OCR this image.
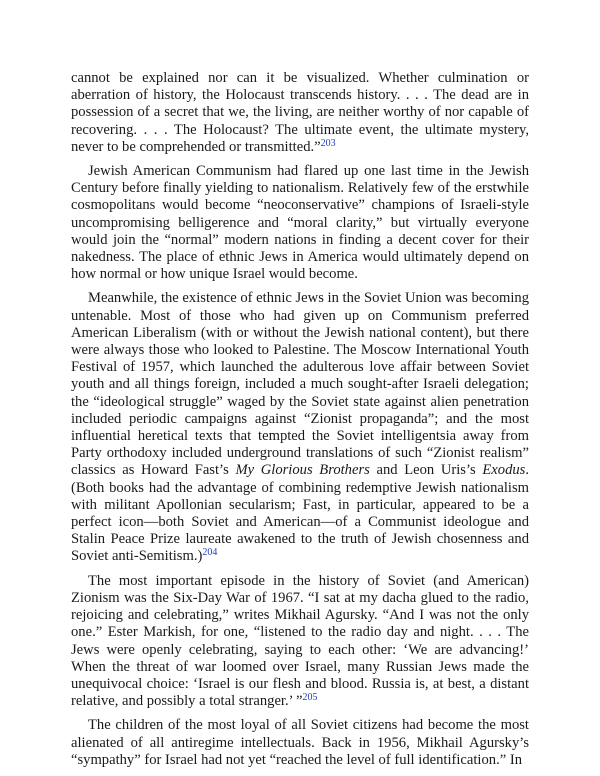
cannot be explained nor can it be visualized. Whether culmination or aberration of history, the Holocaust transcends history. . . . The dead are in possession of a secret that we, the living, are neither worthy of nor capable of recovering. . . . The Holocaust? The ultimate event, the ultimate mystery, never to be comprehended or transmitted.”$^{203}$

Jewish American Communism had flared up one last time in the Jewish Century before finally yielding to nationalism. Relatively few of the erstwhile cosmopolitans would become “neoconservative” champions of Israeli-style uncompromising belligerence and “moral clarity,” but virtually everyone would join the “normal” modern nations in finding a decent cover for their nakedness. The place of ethnic Jews in America would ultimately depend on how normal or how unique Israel would become.

Meanwhile, the existence of ethnic Jews in the Soviet Union was becoming untenable. Most of those who had given up on Communism preferred American Liberalism (with or without the Jewish national content), but there were always those who looked to Palestine. The Moscow International Youth Festival of 1957, which launched the adulterous love affair between Soviet youth and all things foreign, included a much sought-after Israeli delegation; the “ideological struggle” waged by the Soviet state against alien penetration included periodic campaigns against “Zionist propaganda”; and the most influential heretical texts that tempted the Soviet intelligentsia away from Party orthodoxy included underground translations of such “Zionist realism” classics as Howard Fast’s My Glorious Brothers and Leon Uris’s Exodus. (Both books had the advantage of combining redemptive Jewish nationalism with militant Apollonian secularism; Fast, in particular, appeared to be a perfect icon—both Soviet and American—of a Communist ideologue and Stalin Peace Prize laureate awakened to the truth of Jewish chosenness and Soviet anti-Semitism.)$^{204}$

The most important episode in the history of Soviet (and American) Zionism was the Six-Day War of 1967. “I sat at my dacha glued to the radio, rejoicing and celebrating,” writes Mikhail Agursky. “And I was not the only one.” Ester Markish, for one, “listened to the radio day and night. . . . The Jews were openly celebrating, saying to each other: ‘We are advancing!’ When the threat of war loomed over Israel, many Russian Jews made the unequivocal choice: ‘Israel is our flesh and blood. Russia is, at best, a distant relative, and possibly a total stranger.’ ”$^{205}$

The children of the most loyal of all Soviet citizens had become the most alienated of all antiregime intellectuals. Back in 1956, Mikhail Agursky’s “sympathy” for Israel had not yet “reached the level of full identification.” In
